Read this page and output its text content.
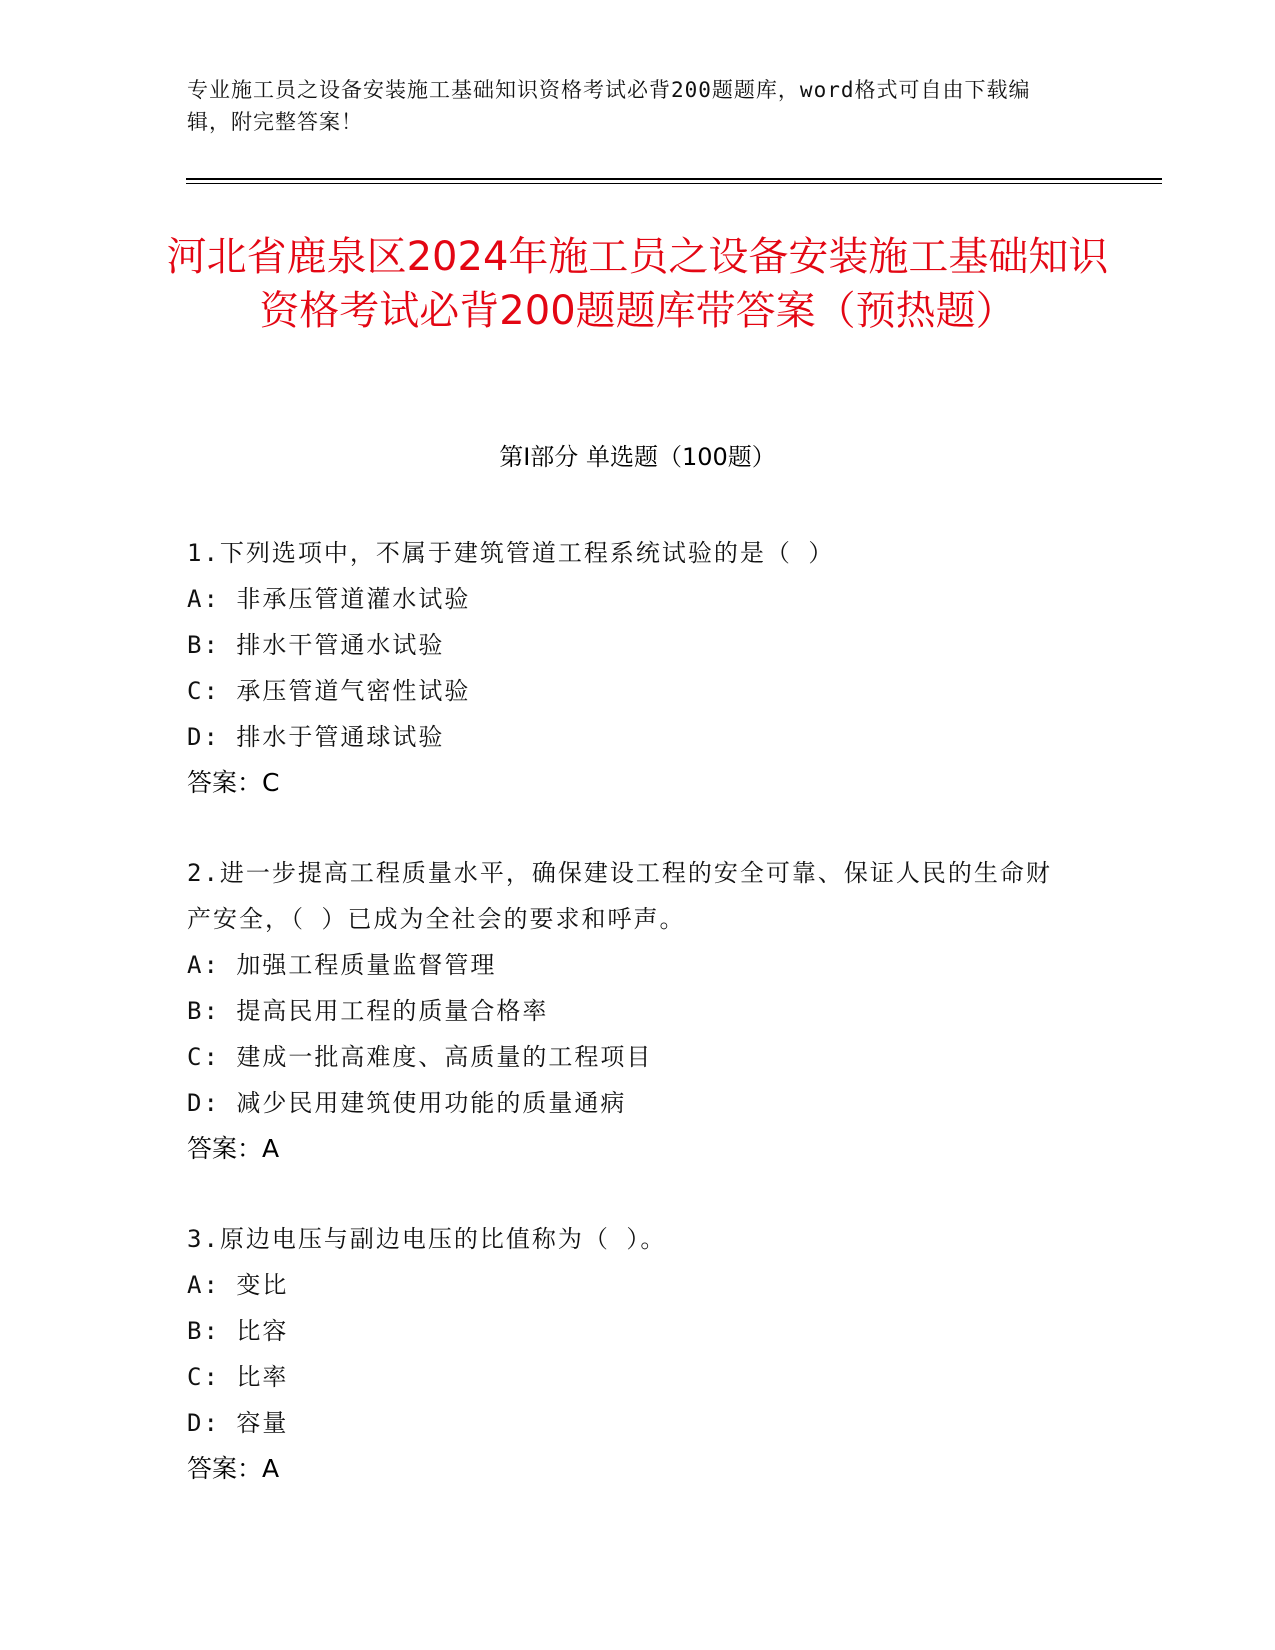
专业施工员之设备安装施工基础知识资格考试必背200题题库，word格式可自由下载编辑，附完整答案！
河北省鹿泉区2024年施工员之设备安装施工基础知识资格考试必背200题题库带答案（预热题）
第Ⅰ部分 单选题（100题）
1.下列选项中，不属于建筑管道工程系统试验的是（ ）
A: 非承压管道灌水试验
B: 排水干管通水试验
C: 承压管道气密性试验
D: 排水于管通球试验
答案：C
2.进一步提高工程质量水平，确保建设工程的安全可靠、保证人民的生命财产安全，（ ）已成为全社会的要求和呼声。
A: 加强工程质量监督管理
B: 提高民用工程的质量合格率
C: 建成一批高难度、高质量的工程项目
D: 减少民用建筑使用功能的质量通病
答案：A
3.原边电压与副边电压的比值称为（ ）。
A: 变比
B: 比容
C: 比率
D: 容量
答案：A
